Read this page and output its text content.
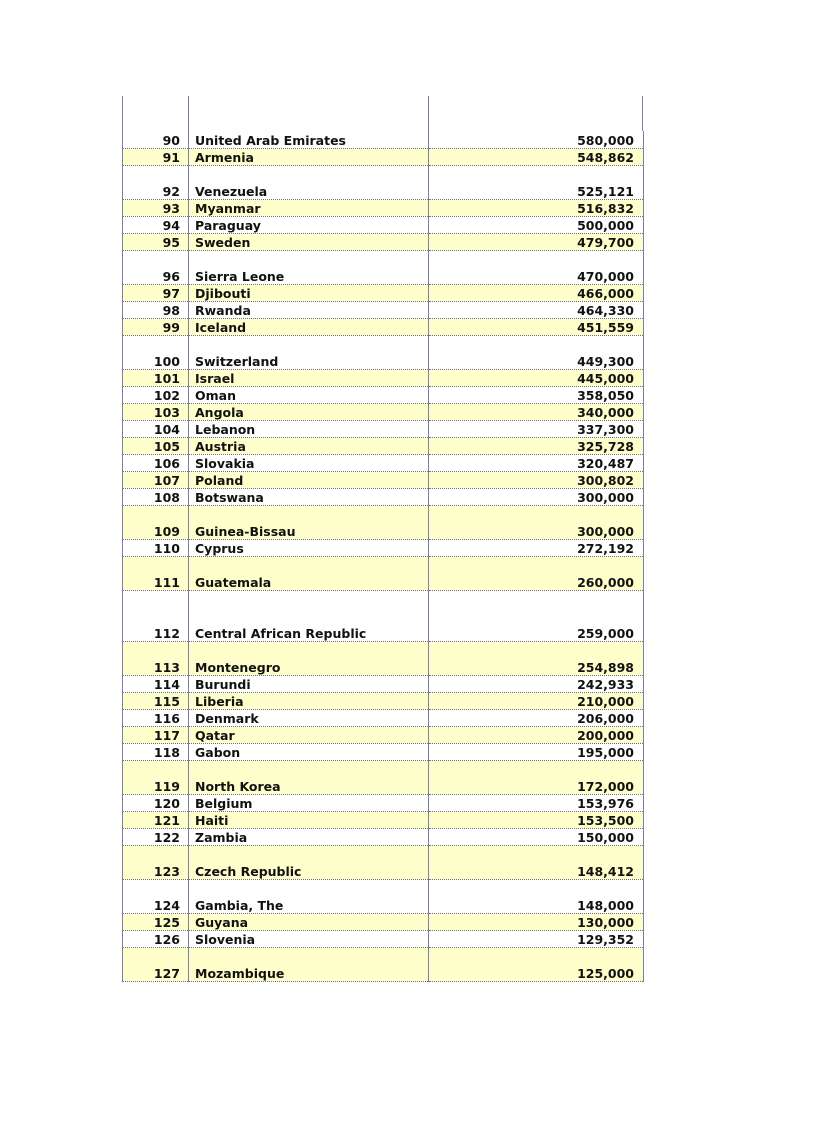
90	United Arab Emirates	580,000
91	Armenia	548,862
92	Venezuela	525,121
93	Myanmar	516,832
94	Paraguay	500,000
95	Sweden	479,700
96	Sierra Leone	470,000
97	Djibouti	466,000
98	Rwanda	464,330
99	Iceland	451,559
100	Switzerland	449,300
101	Israel	445,000
102	Oman	358,050
103	Angola	340,000
104	Lebanon	337,300
105	Austria	325,728
106	Slovakia	320,487
107	Poland	300,802
108	Botswana	300,000
109	Guinea-Bissau	300,000
110	Cyprus	272,192
111	Guatemala	260,000
112	Central African Republic	259,000
113	Montenegro	254,898
114	Burundi	242,933
115	Liberia	210,000
116	Denmark	206,000
117	Qatar	200,000
118	Gabon	195,000
119	North Korea	172,000
120	Belgium	153,976
121	Haiti	153,500
122	Zambia	150,000
123	Czech Republic	148,412
124	Gambia, The	148,000
125	Guyana	130,000
126	Slovenia	129,352
127	Mozambique	125,000
